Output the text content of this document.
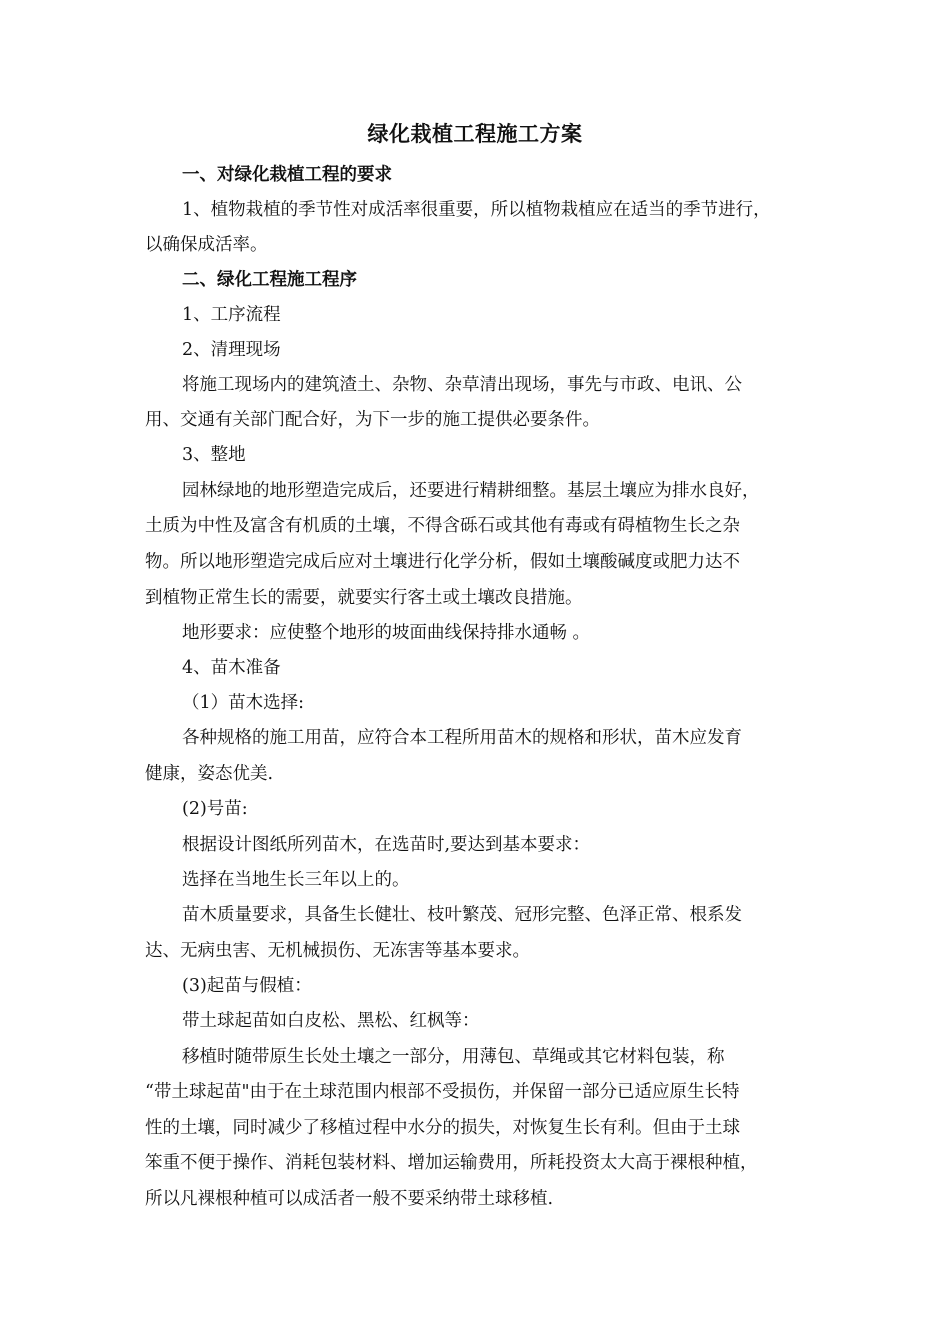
绿化栽植工程施工方案
一、对绿化栽植工程的要求
1、植物栽植的季节性对成活率很重要，所以植物栽植应在适当的季节进行，
以确保成活率。
二、绿化工程施工程序
1、工序流程
2、清理现场
将施工现场内的建筑渣土、杂物、杂草清出现场，事先与市政、电讯、公
用、交通有关部门配合好，为下一步的施工提供必要条件。
3、整地
园林绿地的地形塑造完成后，还要进行精耕细整。基层土壤应为排水良好，
土质为中性及富含有机质的土壤，不得含砾石或其他有毒或有碍植物生长之杂
物。所以地形塑造完成后应对土壤进行化学分析，假如土壤酸碱度或肥力达不
到植物正常生长的需要，就要实行客土或土壤改良措施。
地形要求：应使整个地形的坡面曲线保持排水通畅 。
4、苗木准备
（1）苗木选择:
各种规格的施工用苗，应符合本工程所用苗木的规格和形状，苗木应发育
健康，姿态优美.
(2)号苗:
根据设计图纸所列苗木，在选苗时,要达到基本要求：
选择在当地生长三年以上的。
苗木质量要求，具备生长健壮、枝叶繁茂、冠形完整、色泽正常、根系发
达、无病虫害、无机械损伤、无冻害等基本要求。
(3)起苗与假植：
带土球起苗如白皮松、黑松、红枫等：
移植时随带原生长处土壤之一部分，用薄包、草绳或其它材料包装，称
“带土球起苗"由于在土球范围内根部不受损伤，并保留一部分已适应原生长特
性的土壤，同时减少了移植过程中水分的损失，对恢复生长有利。但由于土球
笨重不便于操作、消耗包装材料、增加运输费用，所耗投资太大高于裸根种植，
所以凡裸根种植可以成活者一般不要采纳带土球移植.
